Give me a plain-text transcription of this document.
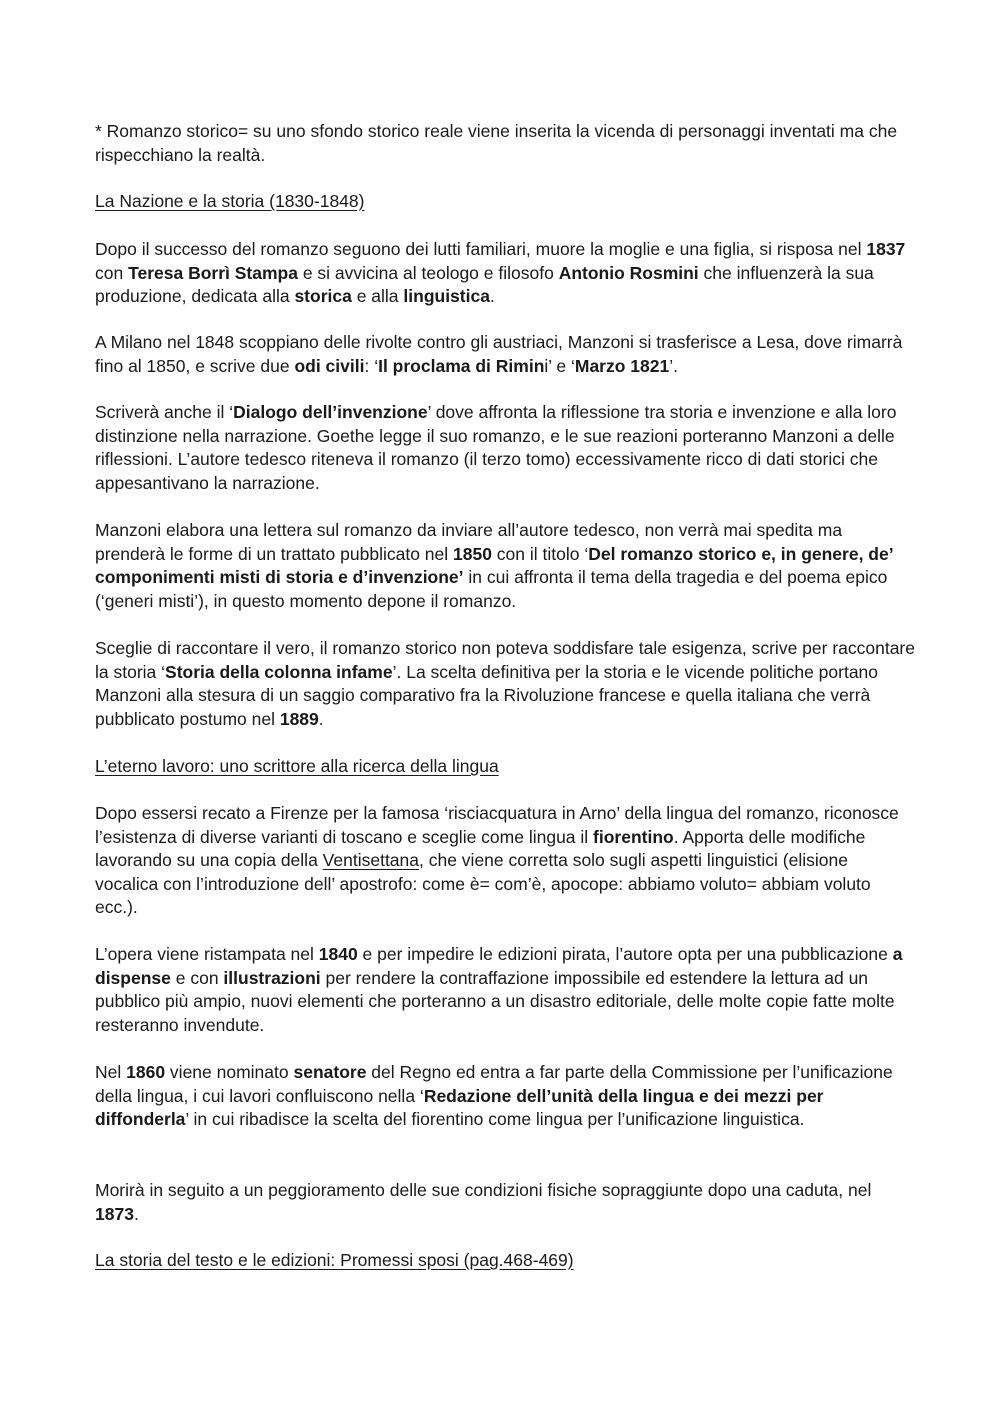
* Romanzo storico= su uno sfondo storico reale viene inserita la vicenda di personaggi inventati ma che rispecchiano la realtà.

La Nazione e la storia (1830-1848)

Dopo il successo del romanzo seguono dei lutti familiari, muore la moglie e una figlia, si risposa nel 1837 con Teresa Borrì Stampa e si avvicina al teologo e filosofo Antonio Rosmini che influenzerà la sua produzione, dedicata alla storica e alla linguistica.

A Milano nel 1848 scoppiano delle rivolte contro gli austriaci, Manzoni si trasferisce a Lesa, dove rimarrà fino al 1850, e scrive due odi civili: ‘Il proclama di Rimini’ e ‘Marzo 1821’.

Scriverà anche il ‘Dialogo dell’invenzione’ dove affronta la riflessione tra storia e invenzione e alla loro distinzione nella narrazione. Goethe legge il suo romanzo, e le sue reazioni porteranno Manzoni a delle riflessioni. L’autore tedesco riteneva il romanzo (il terzo tomo) eccessivamente ricco di dati storici che appesantivano la narrazione.

Manzoni elabora una lettera sul romanzo da inviare all’autore tedesco, non verrà mai spedita ma prenderà le forme di un trattato pubblicato nel 1850 con il titolo ‘Del romanzo storico e, in genere, de’ componimenti misti di storia e d’invenzione’ in cui affronta il tema della tragedia e del poema epico (‘generi misti’), in questo momento depone il romanzo.

Sceglie di raccontare il vero, il romanzo storico non poteva soddisfare tale esigenza, scrive per raccontare la storia ‘Storia della colonna infame’. La scelta definitiva per la storia e le vicende politiche portano Manzoni alla stesura di un saggio comparativo fra la Rivoluzione francese e quella italiana che verrà pubblicato postumo nel 1889.

L’eterno lavoro: uno scrittore alla ricerca della lingua

Dopo essersi recato a Firenze per la famosa ‘risciacquatura in Arno’ della lingua del romanzo, riconosce l’esistenza di diverse varianti di toscano e sceglie come lingua il fiorentino. Apporta delle modifiche lavorando su una copia della Ventisettana, che viene corretta solo sugli aspetti linguistici (elisione vocalica con l’introduzione dell’ apostrofo: come è= com’è, apocope: abbiamo voluto= abbiam voluto ecc.).

L’opera viene ristampata nel 1840 e per impedire le edizioni pirata, l’autore opta per una pubblicazione a dispense e con illustrazioni per rendere la contraffazione impossibile ed estendere la lettura ad un pubblico più ampio, nuovi elementi che porteranno a un disastro editoriale, delle molte copie fatte molte resteranno invendute.

Nel 1860 viene nominato senatore del Regno ed entra a far parte della Commissione per l’unificazione della lingua, i cui lavori confluiscono nella ‘Redazione dell’unità della lingua e dei mezzi per diffonderla’ in cui ribadisce la scelta del fiorentino come lingua per l’unificazione linguistica.

Morirà in seguito a un peggioramento delle sue condizioni fisiche sopraggiunte dopo una caduta, nel 1873.

La storia del testo e le edizioni: Promessi sposi (pag.468-469)
